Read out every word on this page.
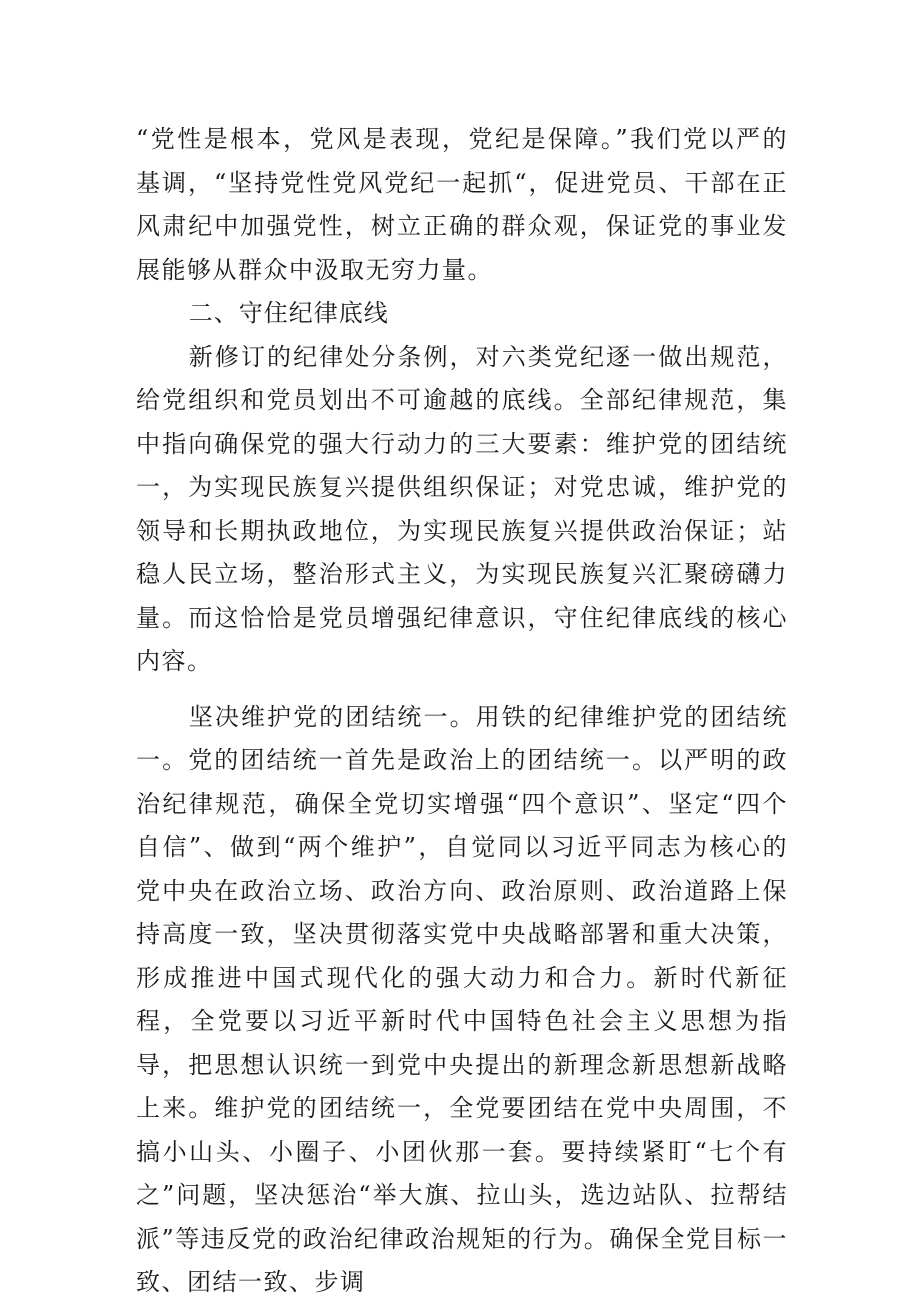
“党性是根本，党风是表现，党纪是保障。”我们党以严的基调，“坚持党性党风党纪一起抓“，促进党员、干部在正风肃纪中加强党性，树立正确的群众观，保证党的事业发展能够从群众中汲取无穷力量。

二、守住纪律底线

新修订的纪律处分条例，对六类党纪逐一做出规范，给党组织和党员划出不可逾越的底线。全部纪律规范，集中指向确保党的强大行动力的三大要素：维护党的团结统一，为实现民族复兴提供组织保证；对党忠诚，维护党的领导和长期执政地位，为实现民族复兴提供政治保证；站稳人民立场，整治形式主义，为实现民族复兴汇聚磅礴力量。而这恰恰是党员增强纪律意识，守住纪律底线的核心内容。

坚决维护党的团结统一。用铁的纪律维护党的团结统一。党的团结统一首先是政治上的团结统一。以严明的政治纪律规范，确保全党切实增强“四个意识”、坚定“四个自信”、做到“两个维护”，自觉同以习近平同志为核心的党中央在政治立场、政治方向、政治原则、政治道路上保持高度一致，坚决贯彻落实党中央战略部署和重大决策，形成推进中国式现代化的强大动力和合力。新时代新征程，全党要以习近平新时代中国特色社会主义思想为指导，把思想认识统一到党中央提出的新理念新思想新战略上来。维护党的团结统一，全党要团结在党中央周围，不搞小山头、小圈子、小团伙那一套。要持续紧盯“七个有之”问题，坚决惩治“举大旗、拉山头，选边站队、拉帮结派”等违反党的政治纪律政治规矩的行为。确保全党目标一致、团结一致、步调
